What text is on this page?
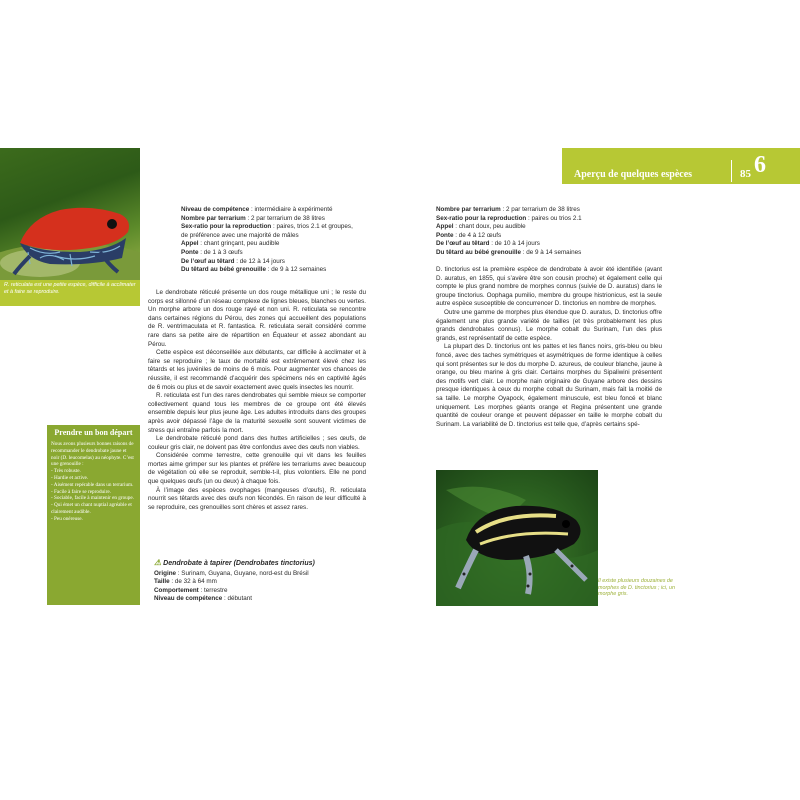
Aperçu de quelques espèces	85 6
R. reticulata est une petite espèce, difficile à acclimater et à faire se reproduire.
Niveau de compétence : intermédiaire à expérimenté
Nombre par terrarium : 2 par terrarium de 38 litres
Sex-ratio pour la reproduction : paires, trios 2.1 et groupes, de préférence avec une majorité de mâles
Appel : chant grinçant, peu audible
Ponte : de 1 à 3 œufs
De l’œuf au têtard : de 12 à 14 jours
Du têtard au bébé grenouille : de 9 à 12 semaines

Le dendrobate réticulé présente un dos rouge métallique uni ; le reste du corps est sillonné d’un réseau complexe de lignes bleues, blanches ou vertes. Un morphe arbore un dos rouge rayé et non uni. R. reticulata se rencontre dans certaines régions du Pérou, des zones qui accueillent des populations de R. ventrimaculata et R. fantastica. R. reticulata serait considéré comme rare dans sa petite aire de répartition en Équateur et assez abondant au Pérou.

Cette espèce est déconseillée aux débutants, car difficile à acclimater et à faire se reproduire ; le taux de mortalité est extrêmement élevé chez les têtards et les juvéniles de moins de 6 mois. Pour augmenter vos chances de réussite, il est recommandé d’acquérir des spécimens nés en captivité âgés de 6 mois ou plus et de savoir exactement avec quels insectes les nourrir.

R. reticulata est l’un des rares dendrobates qui semble mieux se comporter collectivement quand tous les membres de ce groupe ont été élevés ensemble depuis leur plus jeune âge. Les adultes introduits dans des groupes après avoir dépassé l’âge de la maturité sexuelle sont souvent victimes de stress qui entraîne parfois la mort.

Le dendrobate réticulé pond dans des huttes artificielles ; ses œufs, de couleur gris clair, ne doivent pas être confondus avec des œufs non viables.

Considérée comme terrestre, cette grenouille qui vit dans les feuilles mortes aime grimper sur les plantes et préfère les terrariums avec beaucoup de végétation où elle se reproduit, semble-t-il, plus volontiers. Elle ne pond que quelques œufs (un ou deux) à chaque fois.

À l’image des espèces ovophages (mangeuses d’œufs), R. reticulata nourrit ses têtards avec des œufs non fécondés. En raison de leur difficulté à se reproduire, ces grenouilles sont chères et assez rares.

⚠ Dendrobate à tapirer (Dendrobates tinctorius)
Origine : Surinam, Guyana, Guyane, nord-est du Brésil
Taille : de 32 à 64 mm
Comportement : terrestre
Niveau de compétence : débutant
Prendre un bon départ
Nous avons plusieurs bonnes raisons de recommander le dendrobate jaune et noir (D. leucomelas) au néophyte. C’est une grenouille :
- Très robuste.
- Hardie et active.
- Aisément repérable dans un terrarium.
- Facile à faire se reproduire.
- Sociable, facile à maintenir en groupe.
- Qui émet un chant nuptial agréable et clairement audible.
- Peu onéreuse.
Nombre par terrarium : 2 par terrarium de 38 litres
Sex-ratio pour la reproduction : paires ou trios 2.1
Appel : chant doux, peu audible
Ponte : de 4 à 12 œufs
De l’œuf au têtard : de 10 à 14 jours
Du têtard au bébé grenouille : de 9 à 14 semaines

D. tinctorius est la première espèce de dendrobate à avoir été identifiée (avant D. auratus, en 1855, qui s’avère être son cousin proche) et également celle qui compte le plus grand nombre de morphes connus (suivie de D. auratus) dans le groupe tinctorius. Oophaga pumilio, membre du groupe histrionicus, est la seule autre espèce susceptible de concurrencer D. tinctorius en nombre de morphes.

Outre une gamme de morphes plus étendue que D. auratus, D. tinctorius offre également une plus grande variété de tailles (et très probablement les plus grands dendrobates connus). Le morphe cobalt du Surinam, l’un des plus grands, est représentatif de cette espèce.

La plupart des D. tinctorius ont les pattes et les flancs noirs, gris-bleu ou bleu foncé, avec des taches symétriques et asymétriques de forme identique à celles qui sont présentes sur le dos du morphe D. azureus, de couleur blanche, jaune à orange, ou bleu marine à gris clair. Certains morphes du Sipaliwini présentent des motifs vert clair. Le morphe nain originaire de Guyane arbore des dessins presque identiques à ceux du morphe cobalt du Surinam, mais fait la moitié de sa taille. Le morphe Oyapock, également minuscule, est bleu foncé et blanc uniquement. Les morphes géants orange et Regina présentent une grande quantité de couleur orange et peuvent dépasser en taille le morphe cobalt du Surinam. La variabilité de D. tinctorius est telle que, d’après certains spé-

Il existe plusieurs douzaines de morphes de D. tinctorius ; ici, un morphe gris.
